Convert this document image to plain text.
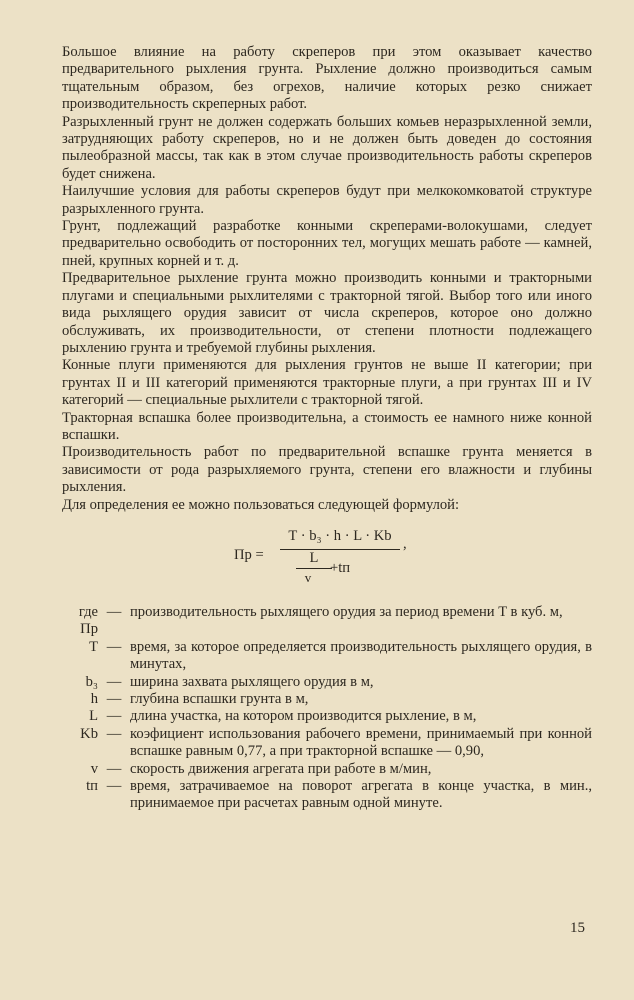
Большое влияние на работу скреперов при этом оказывает качество предварительного рыхления грунта. Рыхление должно производиться самым тщательным образом, без огрехов, наличие которых резко снижает производительность скреперных работ.

Разрыхленный грунт не должен содержать больших комьев неразрыхленной земли, затрудняющих работу скреперов, но и не должен быть доведен до состояния пылеобразной массы, так как в этом случае производительность работы скреперов будет снижена.

Наилучшие условия для работы скреперов будут при мелкокомковатой структуре разрыхленного грунта.

Грунт, подлежащий разработке конными скреперами-волокушами, следует предварительно освободить от посторонних тел, могущих мешать работе — камней, пней, крупных корней и т. д.

Предварительное рыхление грунта можно производить конными и тракторными плугами и специальными рыхлителями с тракторной тягой. Выбор того или иного вида рыхлящего орудия зависит от числа скреперов, которое оно должно обслуживать, их производительности, от степени плотности подлежащего рыхлению грунта и требуемой глубины рыхления.

Конные плуги применяются для рыхления грунтов не выше II категории; при грунтах II и III категорий применяются тракторные плуги, а при грунтах III и IV категорий — специальные рыхлители с тракторной тягой.

Тракторная вспашка более производительна, а стоимость ее намного ниже конной вспашки.

Производительность работ по предварительной вспашке грунта меняется в зависимости от рода разрыхляемого грунта, степени его влажности и глубины рыхления.

Для определения ее можно пользоваться следующей формулой:

Пр =
T · b₃ · h · L · Kb
L
v
+tп
,
где Пр
— производительность рыхлящего орудия за период времени T в куб. м,
T — время, за которое определяется производительность рыхлящего орудия, в минутах,
b₃ — ширина захвата рыхлящего орудия в м,
h — глубина вспашки грунта в м,
L — длина участка, на котором производится рыхление, в м,
Kb — коэфициент использования рабочего времени, принимаемый при конной вспашке равным 0,77, а при тракторной вспашке — 0,90,
v — скорость движения агрегата при работе в м/мин,
tп — время, затрачиваемое на поворот агрегата в конце участка, в мин., принимаемое при расчетах равным одной минуте.
15
